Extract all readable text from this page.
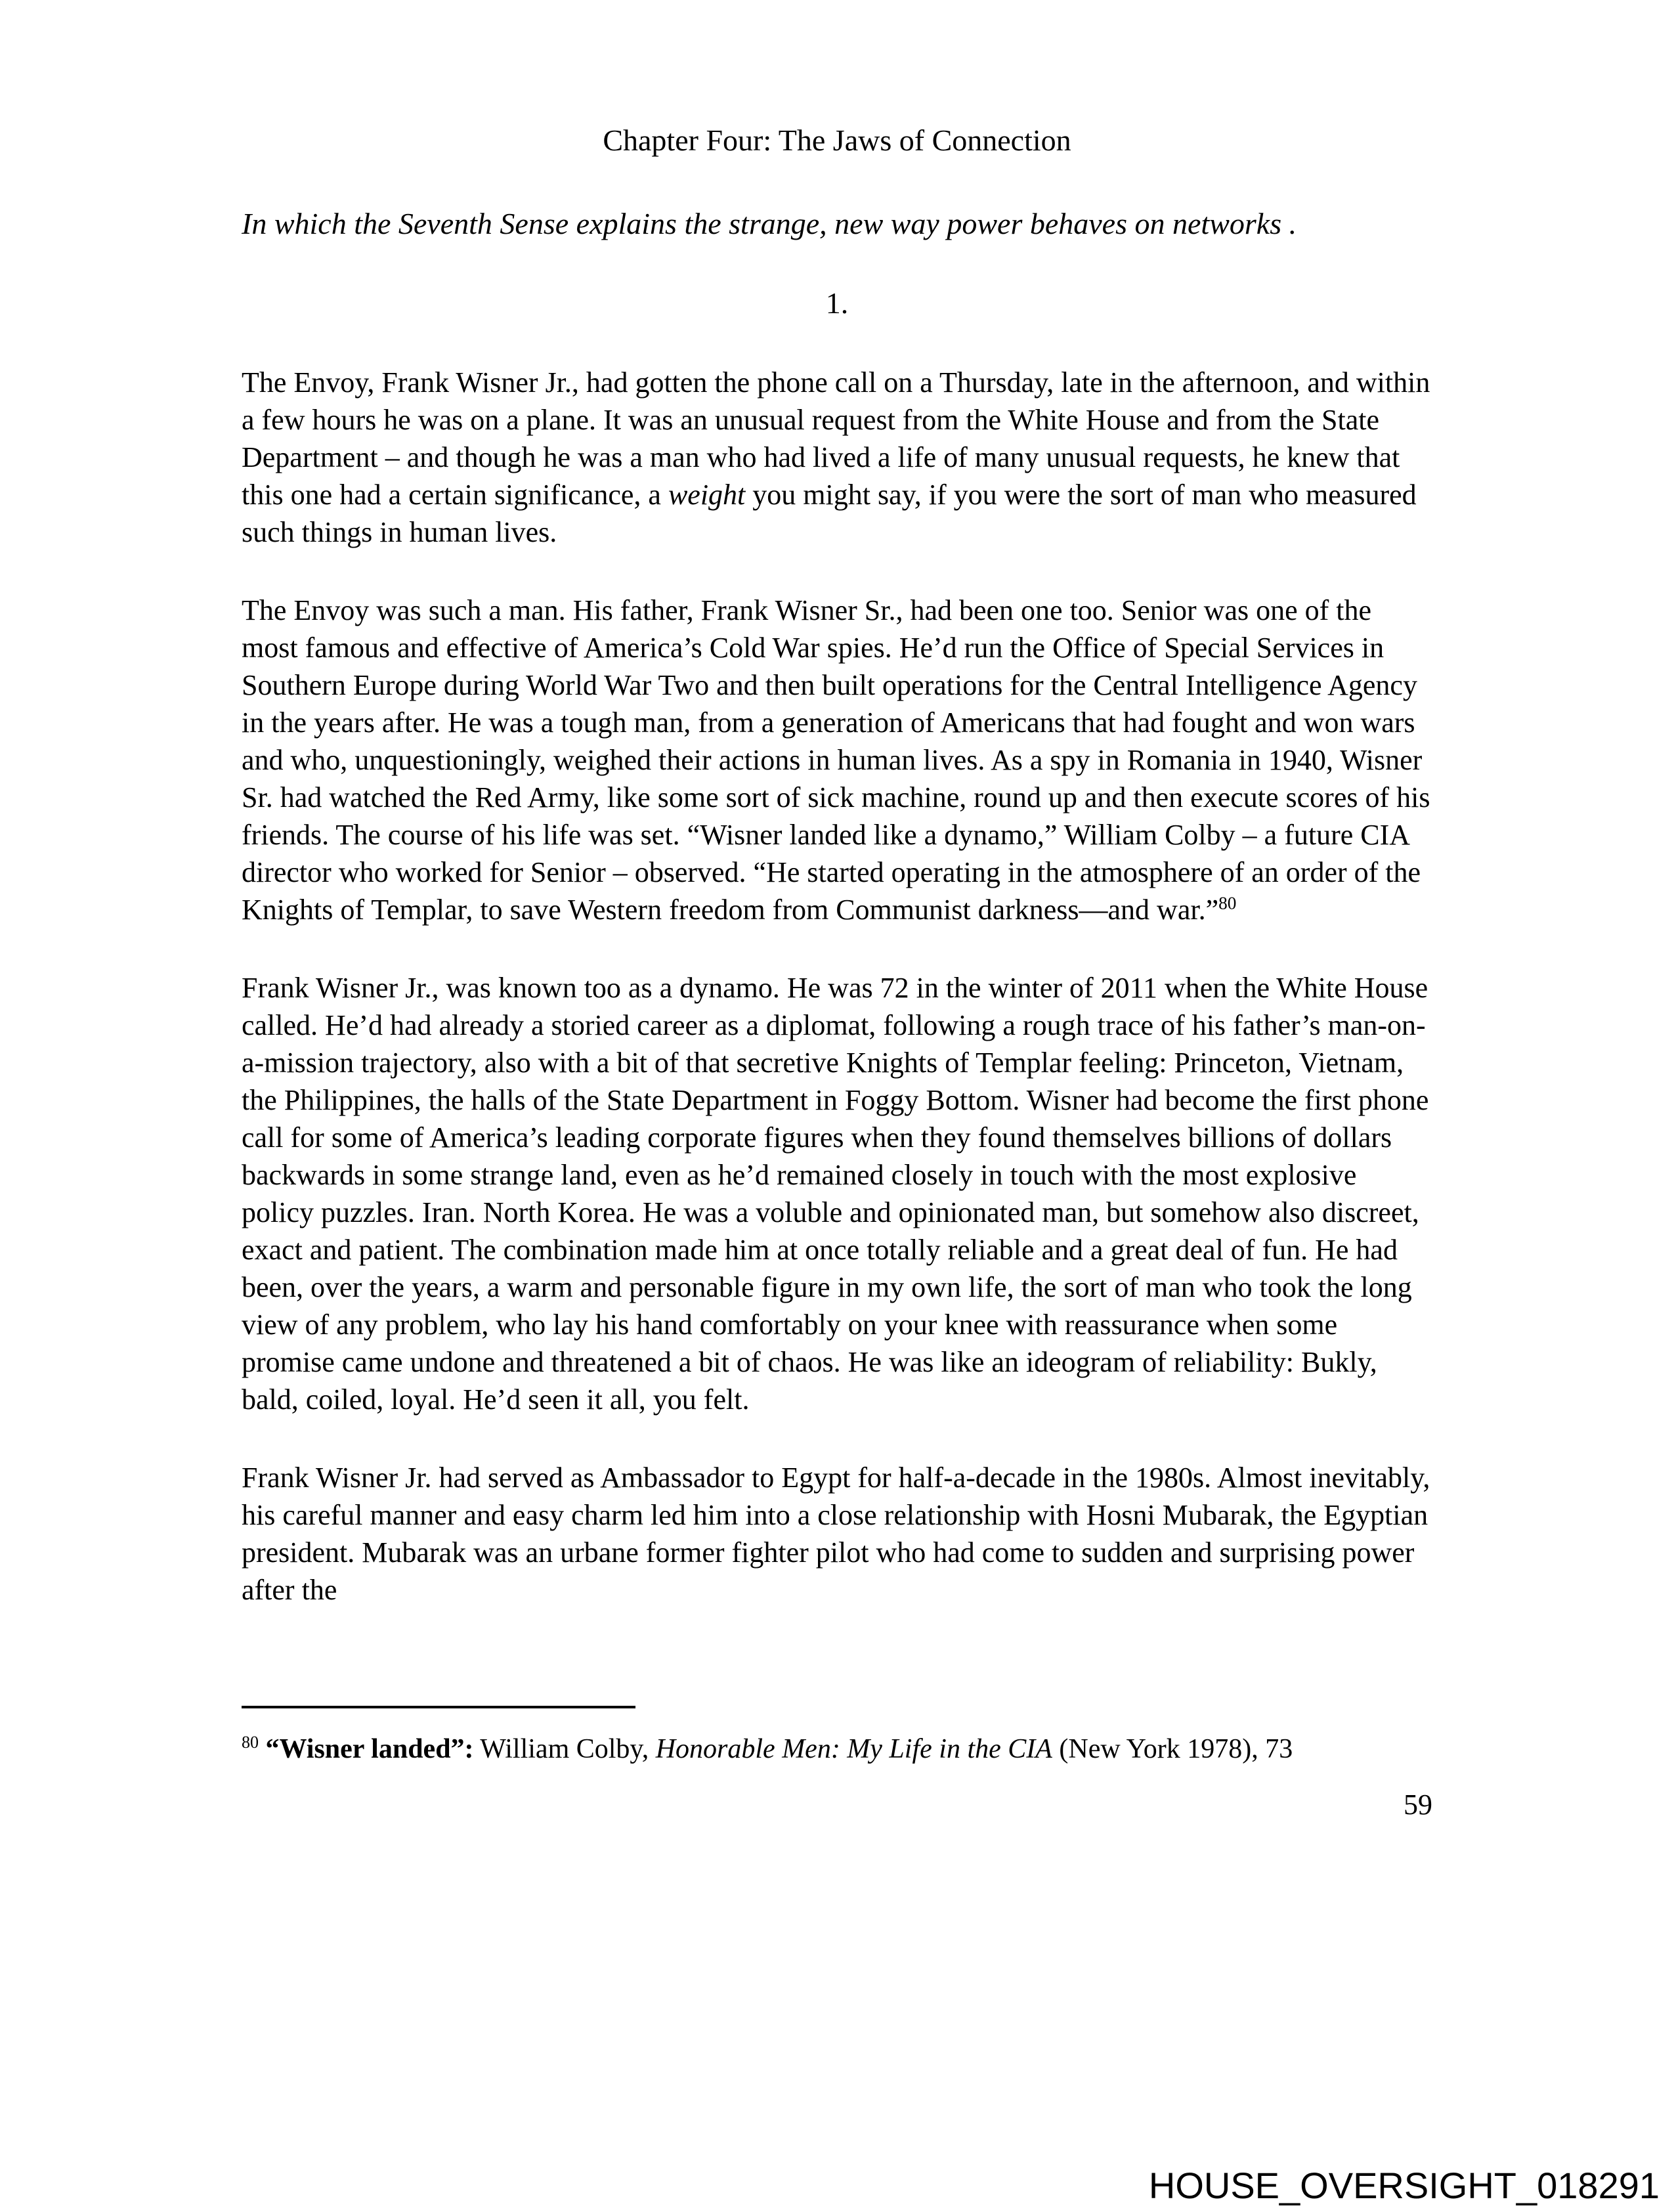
Chapter Four: The Jaws of Connection
In which the Seventh Sense explains the strange, new way power behaves on networks .
1.

The Envoy, Frank Wisner Jr., had gotten the phone call on a Thursday, late in the afternoon, and within a few hours he was on a plane. It was an unusual request from the White House and from the State Department – and though he was a man who had lived a life of many unusual requests, he knew that this one had a certain significance, a weight you might say, if you were the sort of man who measured such things in human lives.

The Envoy was such a man. His father, Frank Wisner Sr., had been one too. Senior was one of the most famous and effective of America’s Cold War spies. He’d run the Office of Special Services in Southern Europe during World War Two and then built operations for the Central Intelligence Agency in the years after. He was a tough man, from a generation of Americans that had fought and won wars and who, unquestioningly, weighed their actions in human lives. As a spy in Romania in 1940, Wisner Sr. had watched the Red Army, like some sort of sick machine, round up and then execute scores of his friends. The course of his life was set. “Wisner landed like a dynamo,” William Colby – a future CIA director who worked for Senior – observed. “He started operating in the atmosphere of an order of the Knights of Templar, to save Western freedom from Communist darkness—and war.”$^{80}$

Frank Wisner Jr., was known too as a dynamo. He was 72 in the winter of 2011 when the White House called. He’d had already a storied career as a diplomat, following a rough trace of his father’s man-on-a-mission trajectory, also with a bit of that secretive Knights of Templar feeling: Princeton, Vietnam, the Philippines, the halls of the State Department in Foggy Bottom. Wisner had become the first phone call for some of America’s leading corporate figures when they found themselves billions of dollars backwards in some strange land, even as he’d remained closely in touch with the most explosive policy puzzles. Iran. North Korea. He was a voluble and opinionated man, but somehow also discreet, exact and patient. The combination made him at once totally reliable and a great deal of fun. He had been, over the years, a warm and personable figure in my own life, the sort of man who took the long view of any problem, who lay his hand comfortably on your knee with reassurance when some promise came undone and threatened a bit of chaos. He was like an ideogram of reliability: Bukly, bald, coiled, loyal. He’d seen it all, you felt.

Frank Wisner Jr. had served as Ambassador to Egypt for half-a-decade in the 1980s. Almost inevitably, his careful manner and easy charm led him into a close relationship with Hosni Mubarak, the Egyptian president. Mubarak was an urbane former fighter pilot who had come to sudden and surprising power after the

$^{80}$ “Wisner landed”: William Colby, Honorable Men: My Life in the CIA (New York 1978), 73
59
HOUSE_OVERSIGHT_018291
